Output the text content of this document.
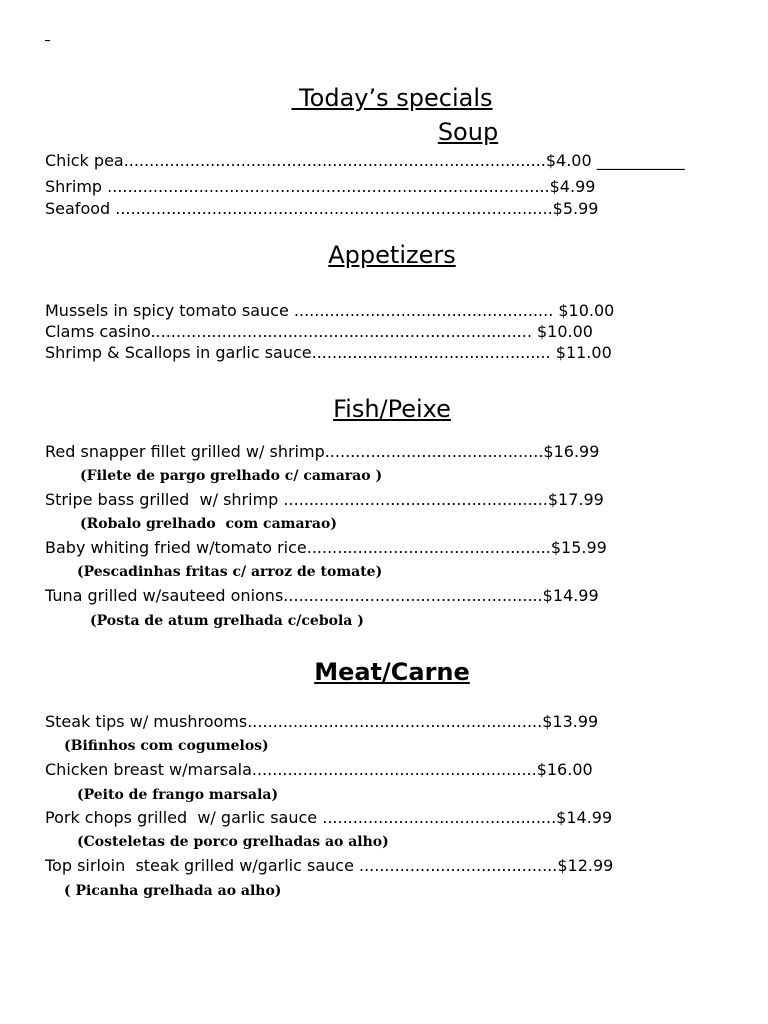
_
Today’s specials
Soup
Chick pea...................................................................................$4.00 ___________
Shrimp .......................................................................................$4.99
Seafood ......................................................................................$5.99
Appetizers
Mussels in spicy tomato sauce ................................................... $10.00
Clams casino........................................................................... $10.00
Shrimp & Scallops in garlic sauce............................................... $11.00
Fish/Peixe
Red snapper fillet grilled w/ shrimp...........................................$16.99
(Filete de pargo grelhado c/ camarao )
Stripe bass grilled  w/ shrimp ....................................................$17.99
(Robalo grelhado  com camarao)
Baby whiting fried w/tomato rice................................................$15.99
(Pescadinhas fritas c/ arroz de tomate)
Tuna grilled w/sauteed onions...................................................$14.99
(Posta de atum grelhada c/cebola )
Meat/Carne
Steak tips w/ mushrooms..........................................................$13.99
(Bifinhos com cogumelos)
Chicken breast w/marsala........................................................$16.00
(Peito de frango marsala)
Pork chops grilled  w/ garlic sauce ..............................................$14.99
(Costeletas de porco grelhadas ao alho)
Top sirloin  steak grilled w/garlic sauce .......................................$12.99
( Picanha grelhada ao alho)
